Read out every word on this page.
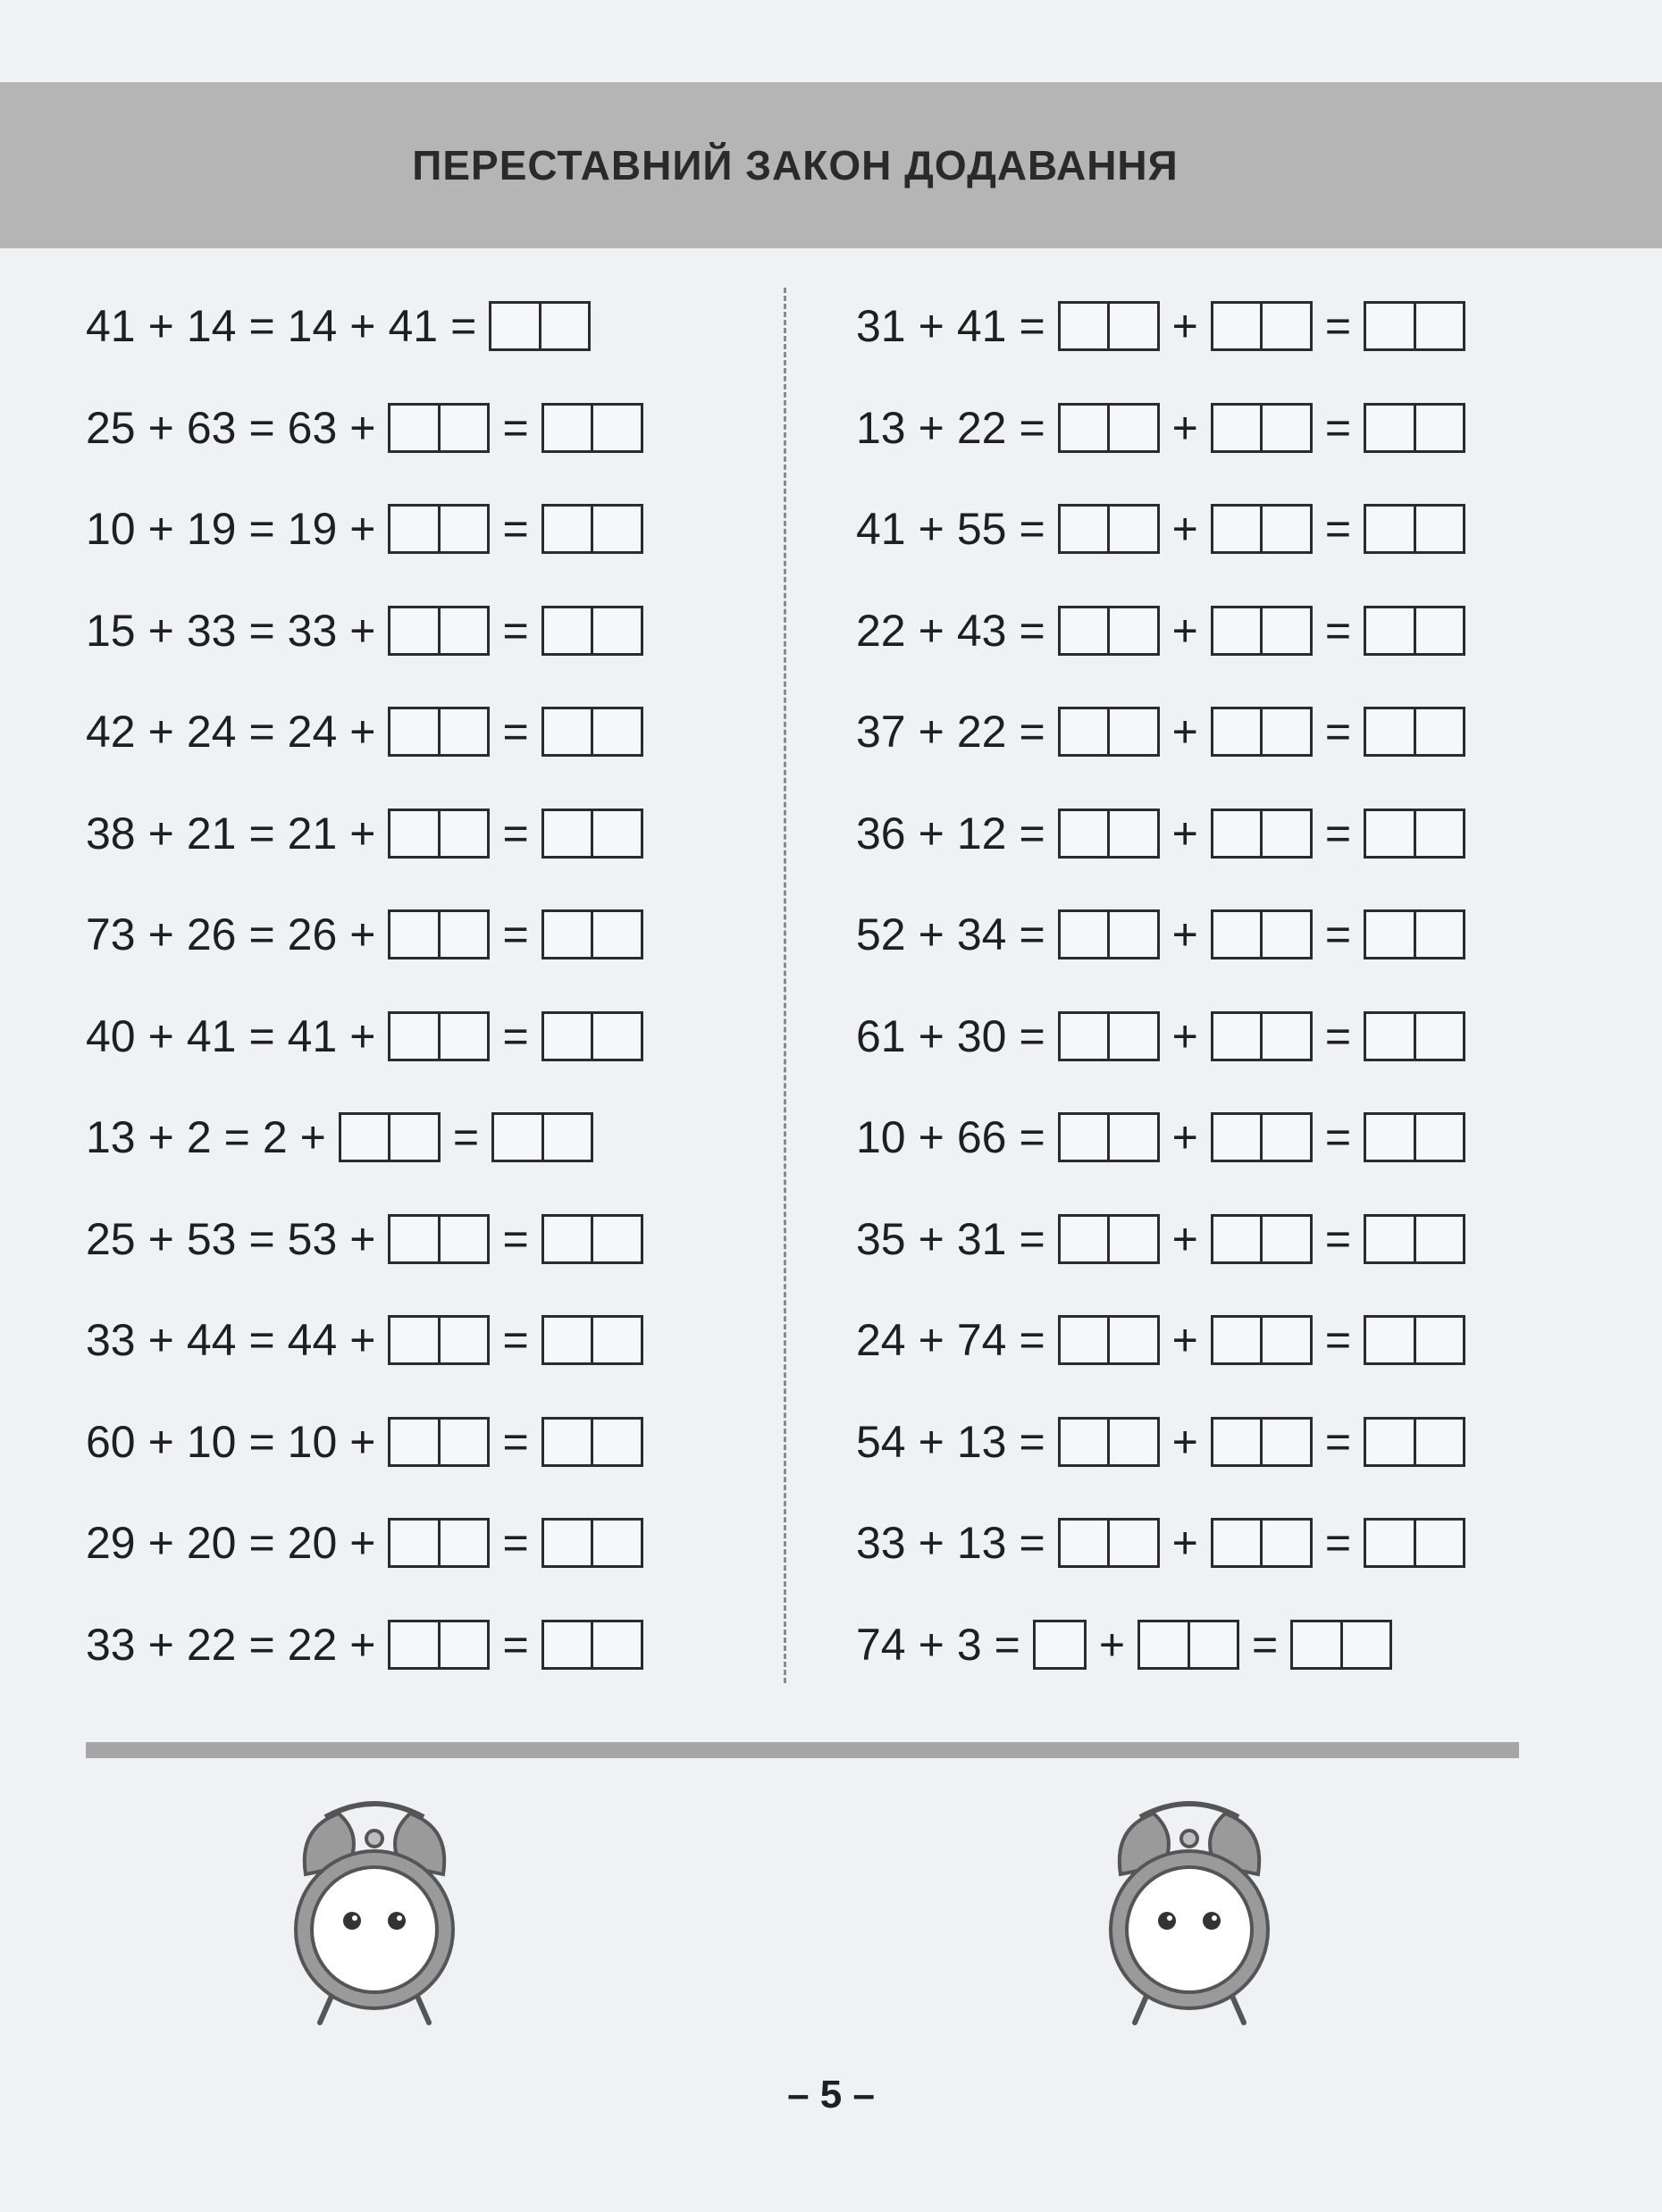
ПЕРЕСТАВНИЙ ЗАКОН ДОДАВАННЯ
41 + 14 = 14 + 41 =
25 + 63 = 63 +	=
10 + 19 = 19 +	=
15 + 33 = 33 +	=
42 + 24 = 24 +	=
38 + 21 = 21 +	=
73 + 26 = 26 +	=
40 + 41 = 41 +	=
13 + 2 = 2 +	=
25 + 53 = 53 +	=
33 + 44 = 44 +	=
60 + 10 = 10 +	=
29 + 20 = 20 +	=
33 + 22 = 22 +	=
31 + 41 =	+	=
13 + 22 =	+	=
41 + 55 =	+	=
22 + 43 =	+	=
37 + 22 =	+	=
36 + 12 =	+	=
52 + 34 =	+	=
61 + 30 =	+	=
10 + 66 =	+	=
35 + 31 =	+	=
24 + 74 =	+	=
54 + 13 =	+	=
33 + 13 =	+	=
74 + 3 = +	=
– 5 –
